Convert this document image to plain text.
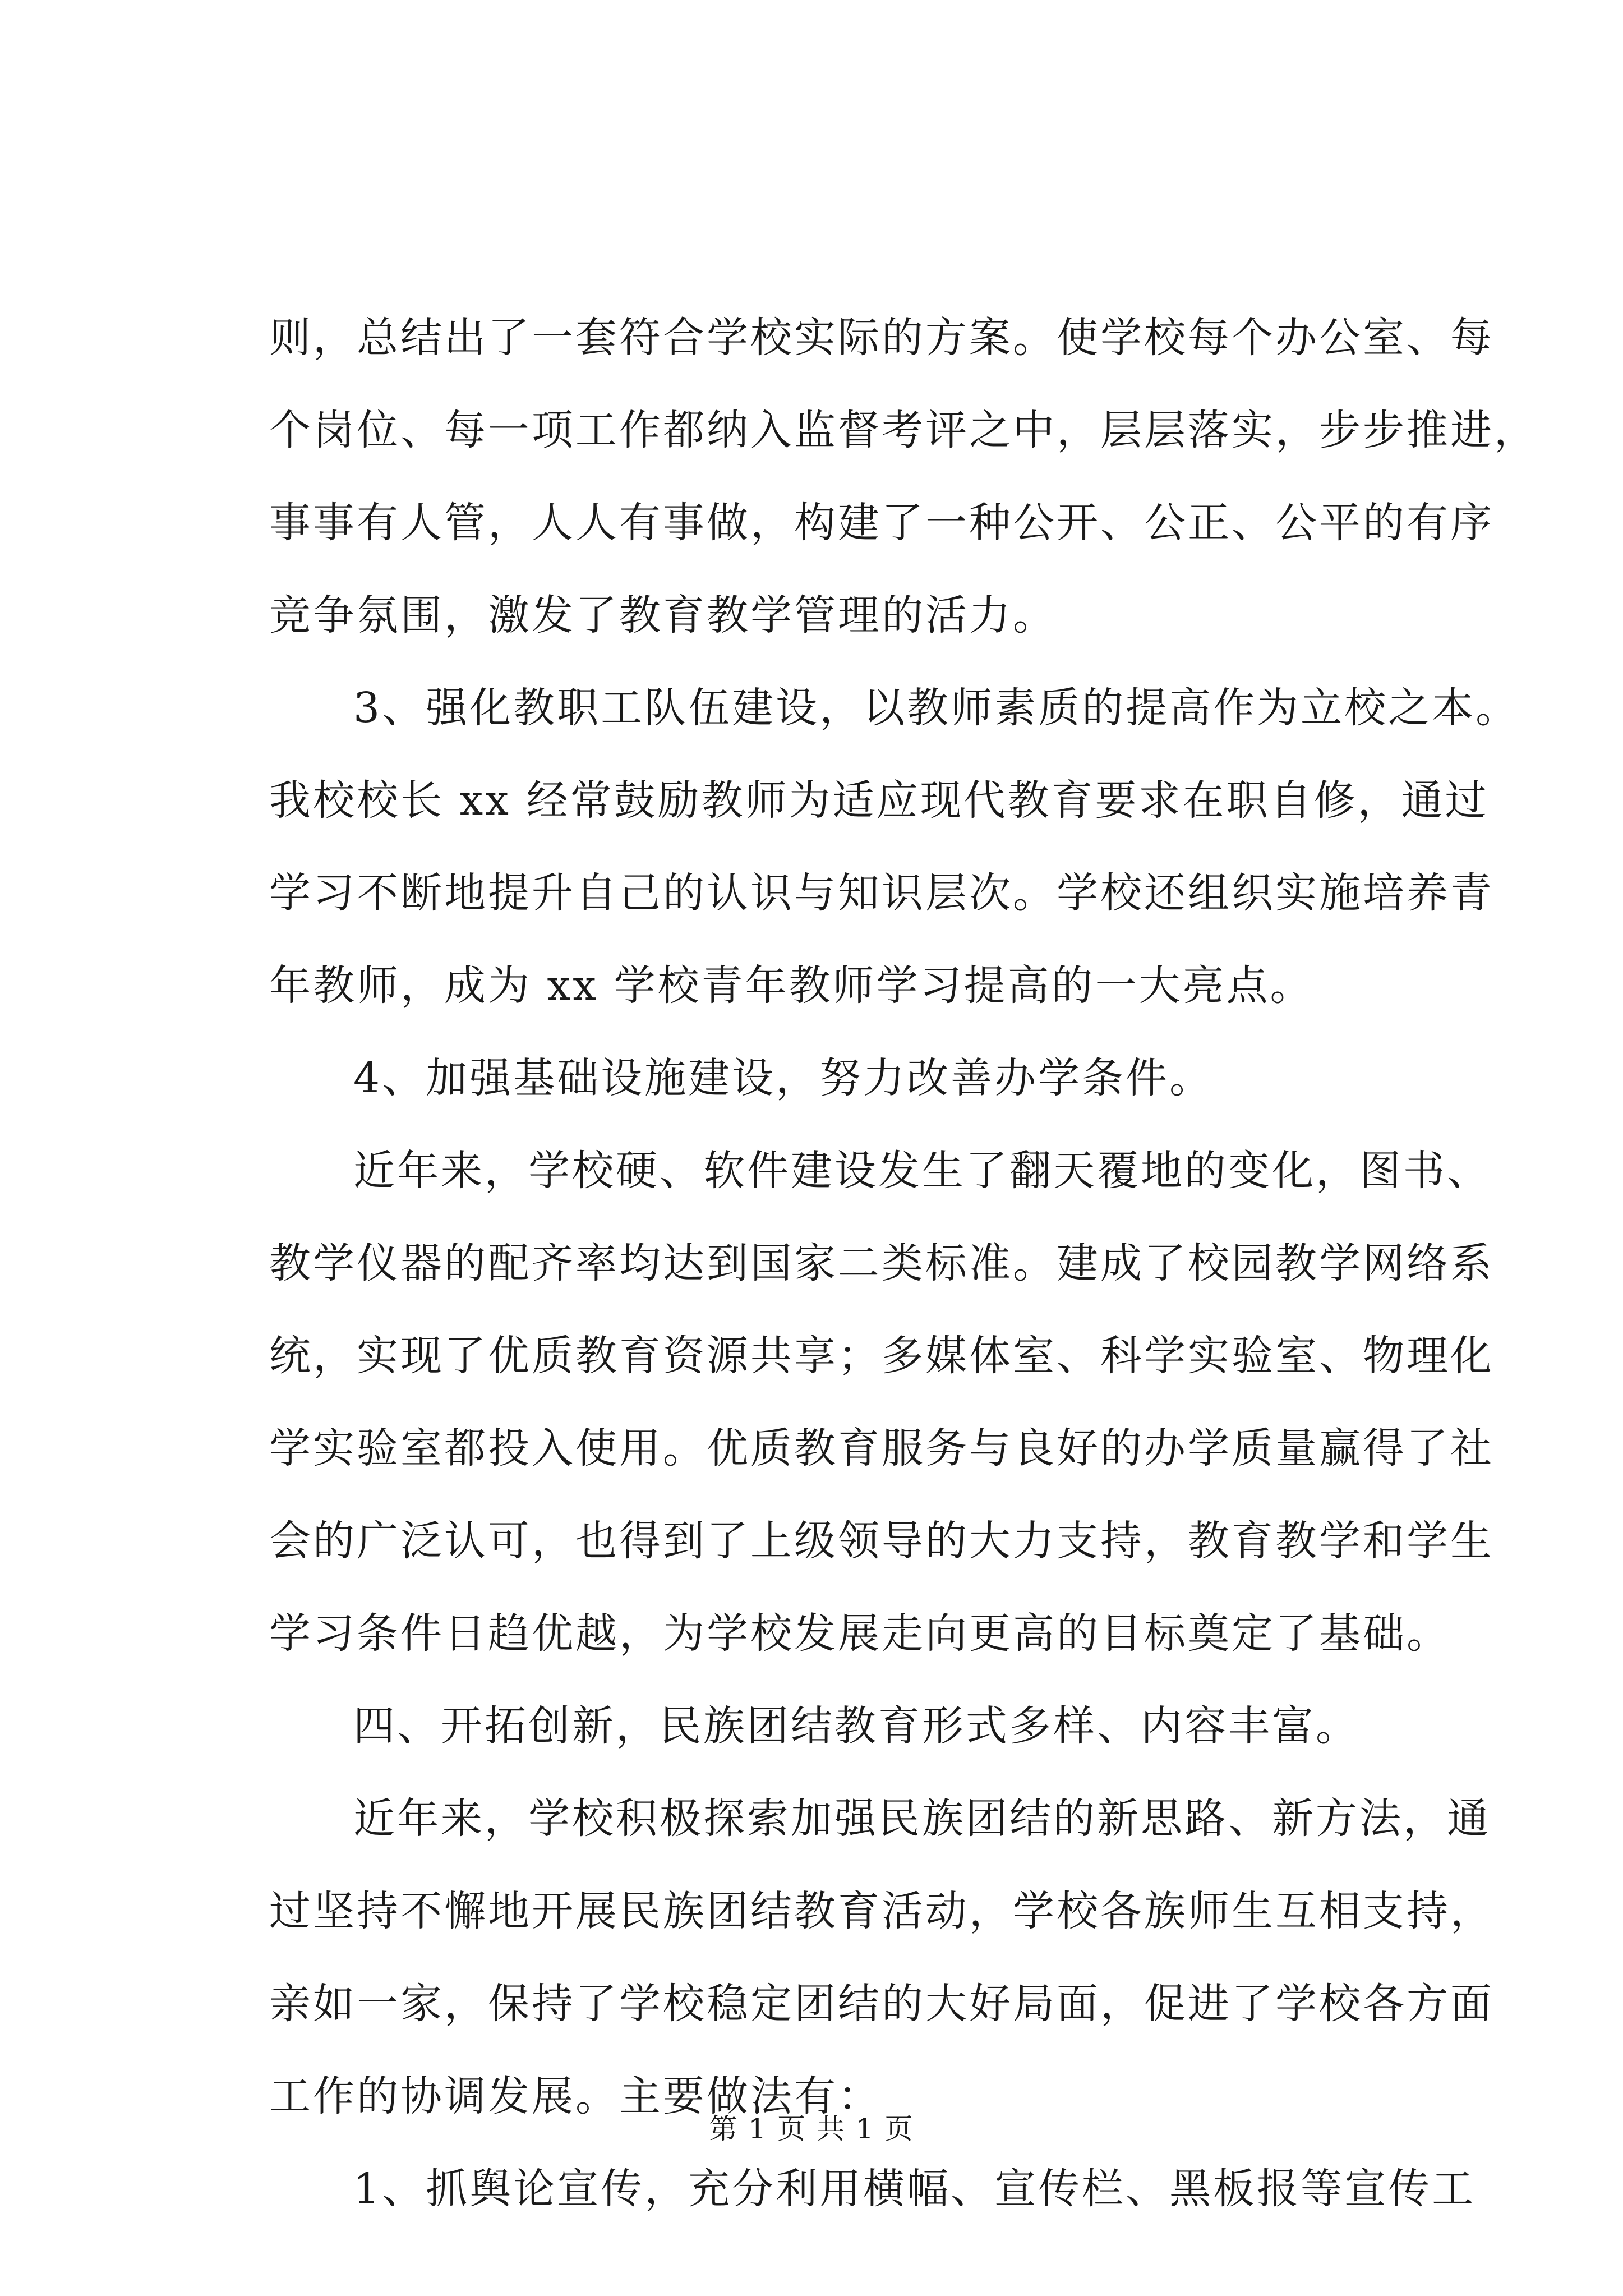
则，总结出了一套符合学校实际的方案。使学校每个办公室、每
个岗位、每一项工作都纳入监督考评之中，层层落实，步步推进，
事事有人管，人人有事做，构建了一种公开、公正、公平的有序
竞争氛围，激发了教育教学管理的活力。
3、强化教职工队伍建设，以教师素质的提高作为立校之本。
我校校长 xx 经常鼓励教师为适应现代教育要求在职自修，通过
学习不断地提升自己的认识与知识层次。学校还组织实施培养青
年教师，成为 xx 学校青年教师学习提高的一大亮点。
4、加强基础设施建设，努力改善办学条件。
近年来，学校硬、软件建设发生了翻天覆地的变化，图书、
教学仪器的配齐率均达到国家二类标准。建成了校园教学网络系
统，实现了优质教育资源共享；多媒体室、科学实验室、物理化
学实验室都投入使用。优质教育服务与良好的办学质量赢得了社
会的广泛认可，也得到了上级领导的大力支持，教育教学和学生
学习条件日趋优越，为学校发展走向更高的目标奠定了基础。
四、开拓创新，民族团结教育形式多样、内容丰富。
近年来，学校积极探索加强民族团结的新思路、新方法，通
过坚持不懈地开展民族团结教育活动，学校各族师生互相支持，
亲如一家，保持了学校稳定团结的大好局面，促进了学校各方面
工作的协调发展。主要做法有：
1、抓舆论宣传，充分利用横幅、宣传栏、黑板报等宣传工
第 1 页 共 1 页
